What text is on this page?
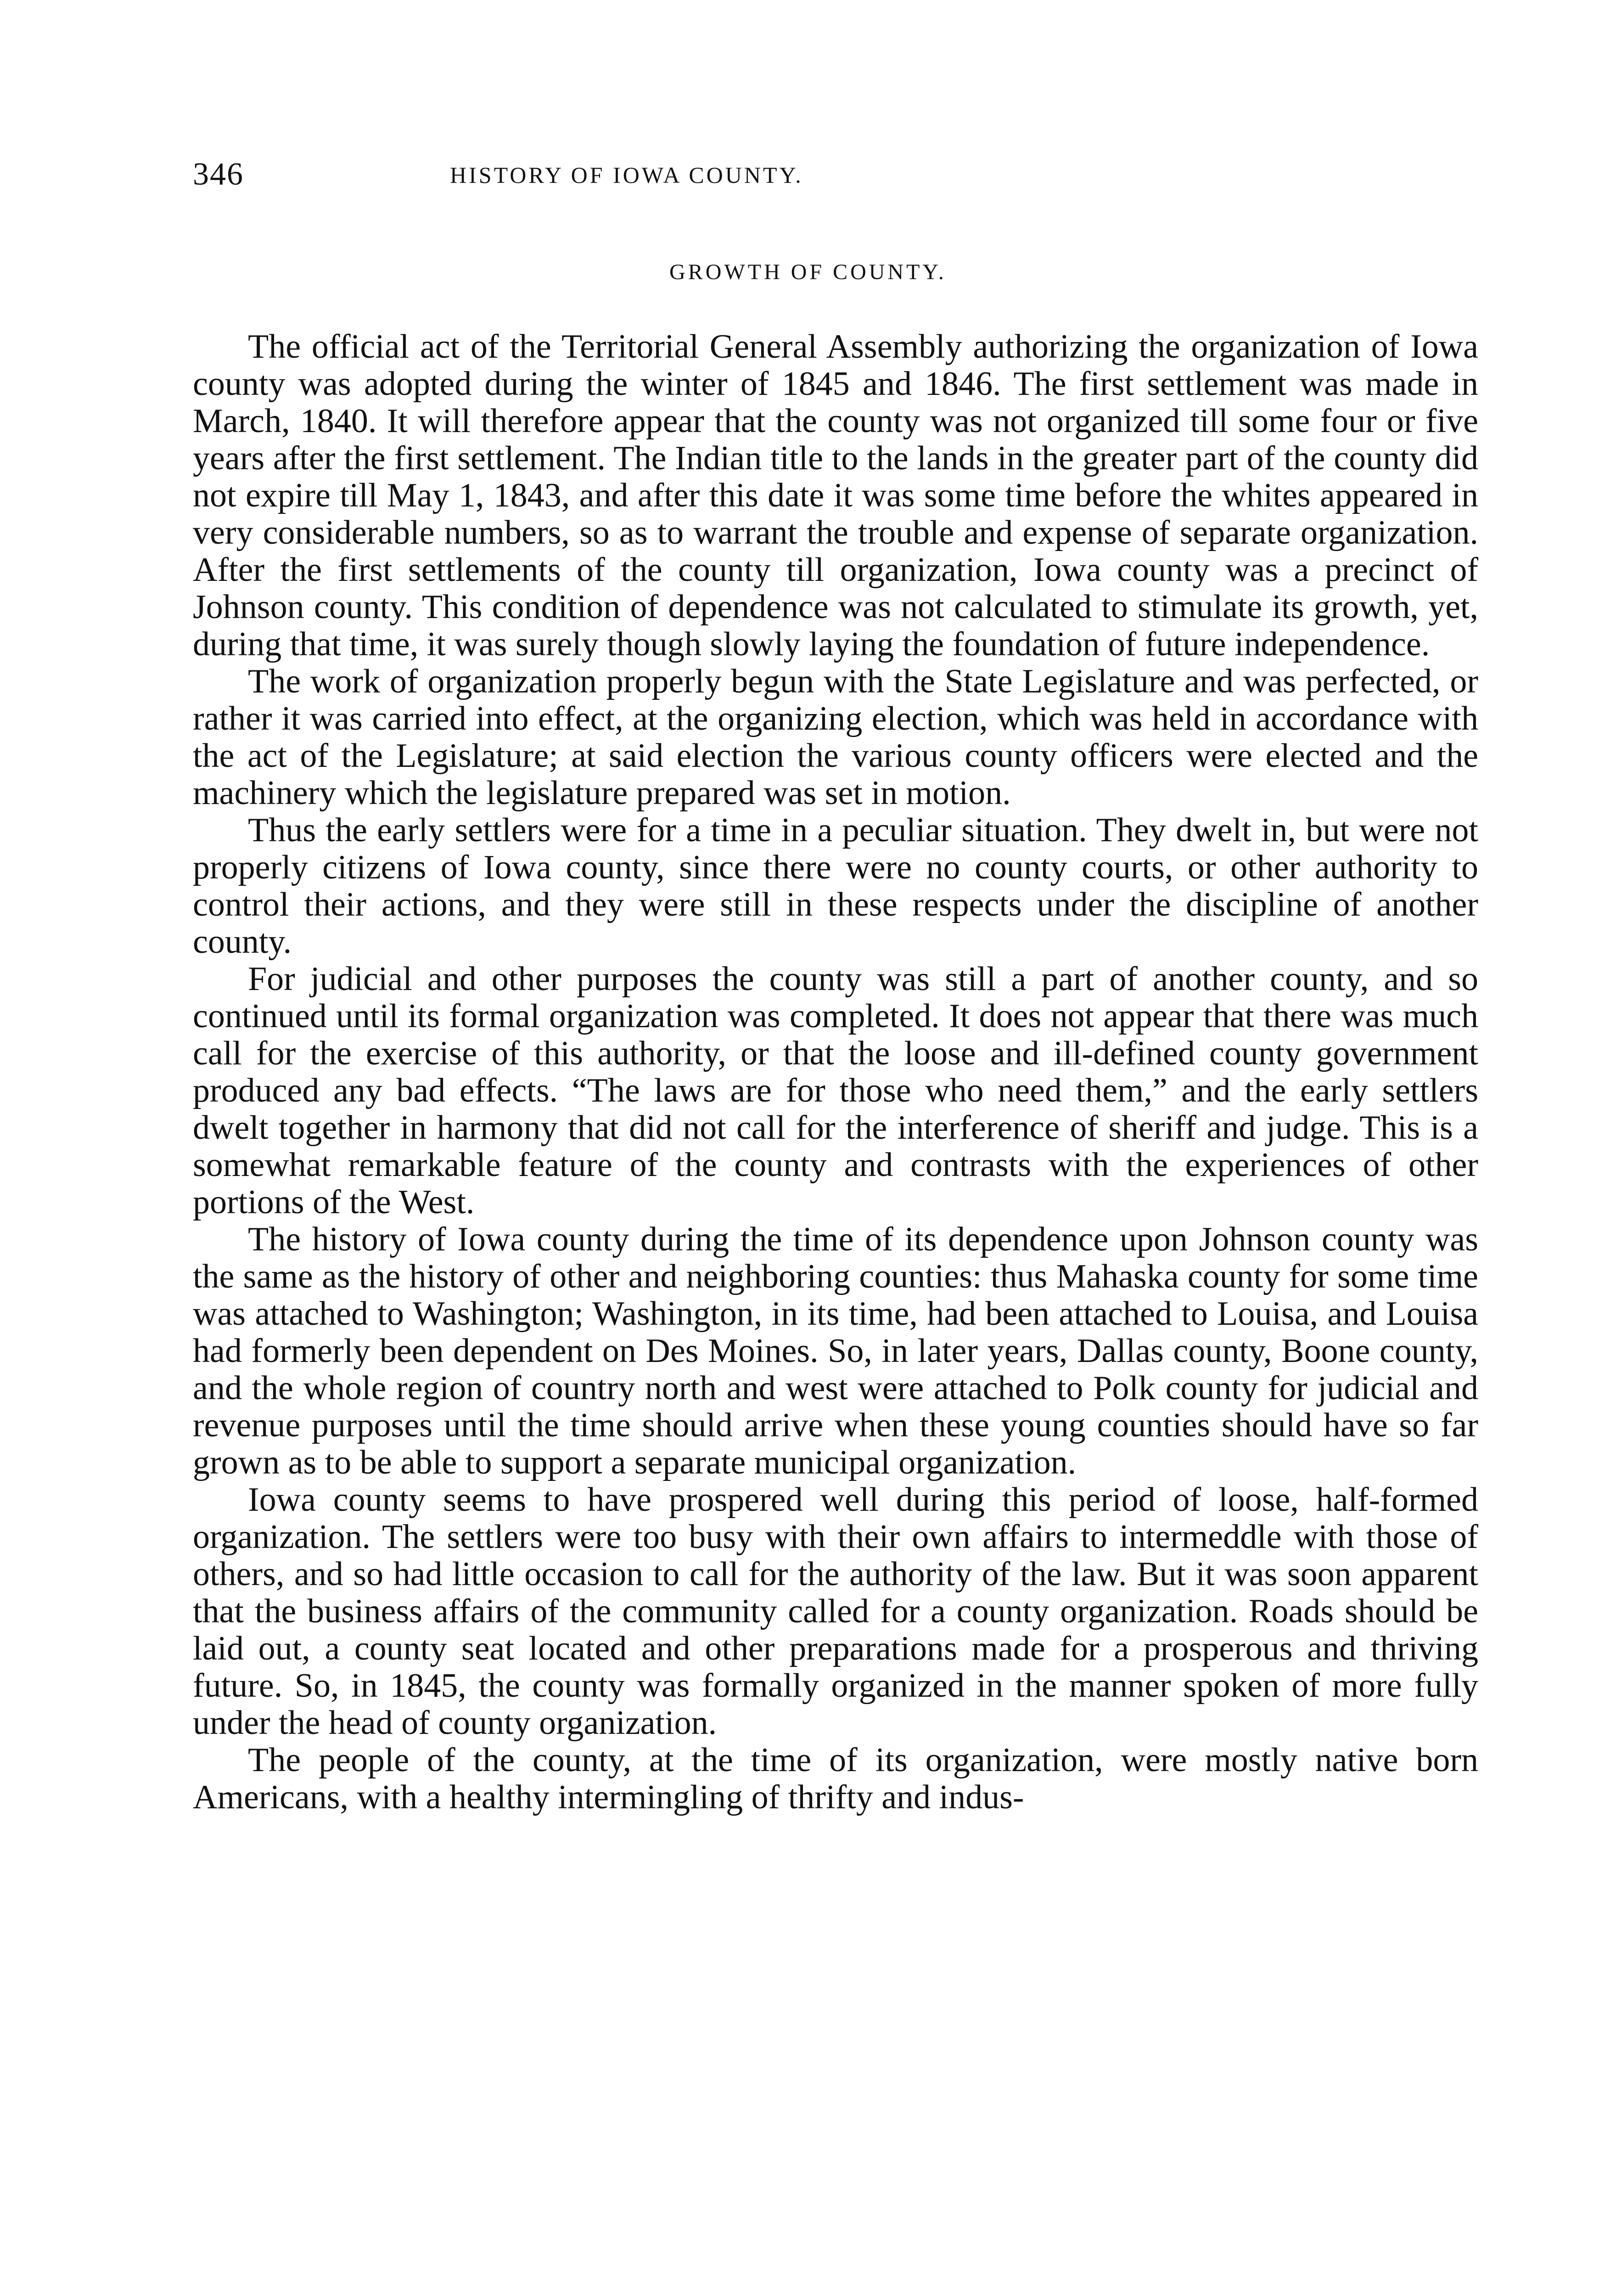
346	HISTORY OF IOWA COUNTY.
GROWTH OF COUNTY.

The official act of the Territorial General Assembly authorizing the organization of Iowa county was adopted during the winter of 1845 and 1846. The first settlement was made in March, 1840. It will therefore appear that the county was not organized till some four or five years after the first settlement. The Indian title to the lands in the greater part of the county did not expire till May 1, 1843, and after this date it was some time before the whites appeared in very considerable numbers, so as to warrant the trouble and expense of separate organization. After the first settlements of the county till organization, Iowa county was a precinct of Johnson county. This condition of dependence was not calculated to stimulate its growth, yet, during that time, it was surely though slowly laying the foundation of future independence.

The work of organization properly begun with the State Legislature and was perfected, or rather it was carried into effect, at the organizing election, which was held in accordance with the act of the Legislature; at said election the various county officers were elected and the machinery which the legislature prepared was set in motion.

Thus the early settlers were for a time in a peculiar situation. They dwelt in, but were not properly citizens of Iowa county, since there were no county courts, or other authority to control their actions, and they were still in these respects under the discipline of another county.

For judicial and other purposes the county was still a part of another county, and so continued until its formal organization was completed. It does not appear that there was much call for the exercise of this authority, or that the loose and ill-defined county government produced any bad effects. “The laws are for those who need them,” and the early settlers dwelt together in harmony that did not call for the interference of sheriff and judge. This is a somewhat remarkable feature of the county and contrasts with the experiences of other portions of the West.

The history of Iowa county during the time of its dependence upon Johnson county was the same as the history of other and neighboring counties: thus Mahaska county for some time was attached to Washington; Washington, in its time, had been attached to Louisa, and Louisa had formerly been dependent on Des Moines. So, in later years, Dallas county, Boone county, and the whole region of country north and west were attached to Polk county for judicial and revenue purposes until the time should arrive when these young counties should have so far grown as to be able to support a separate municipal organization.

Iowa county seems to have prospered well during this period of loose, half-formed organization. The settlers were too busy with their own affairs to intermeddle with those of others, and so had little occasion to call for the authority of the law. But it was soon apparent that the business affairs of the community called for a county organization. Roads should be laid out, a county seat located and other preparations made for a prosperous and thriving future. So, in 1845, the county was formally organized in the manner spoken of more fully under the head of county organization.

The people of the county, at the time of its organization, were mostly native born Americans, with a healthy intermingling of thrifty and indus-
